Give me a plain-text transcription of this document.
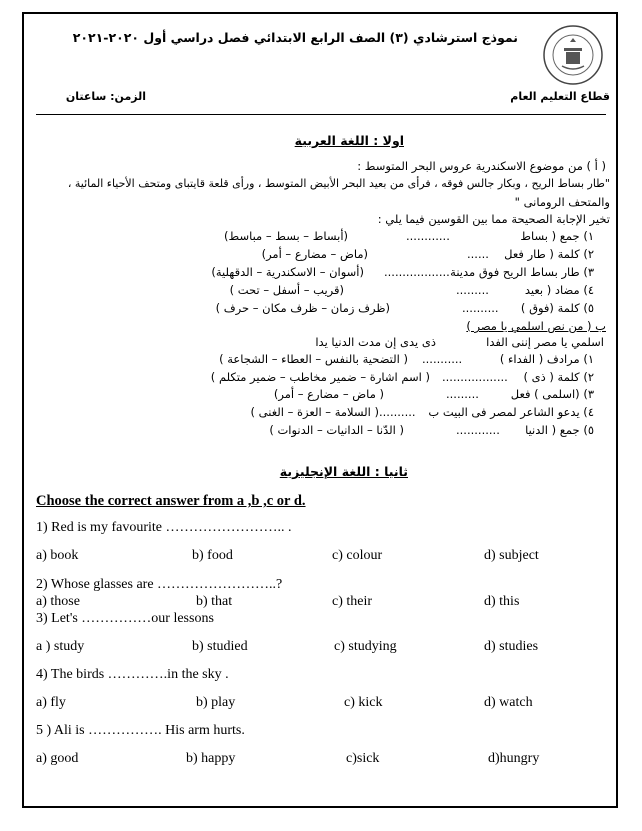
نموذج استرشادي (٣) الصف الرابع الابتدائي فصل دراسي أول ٢٠٢٠-٢٠٢١
قطاع التعليم العام
الزمن: ساعتان
اولا : اللغة العربية
( أ ) من موضوع الاسكندرية عروس البحر المتوسط :
"طار بساط الريح ، وبكار جالس فوقه ، فرأى من بعيد البحر الأبيض المتوسط ، ورأى قلعة قايتباى ومتحف الأحياء المائية ،
والمتحف الرومانى "
تخير الإجابة الصحيحة مما بين القوسين فيما يلي :
١) جمع ( بساط
............
(أبساط – بسط – مباسط)
٢) كلمة ( طار فعل
......
(ماض – مضارع – أمر)
٣) طار بساط الريح فوق مدينة
..................
(أسوان – الاسكندرية – الدقهلية)
٤) مضاد ( بعيد
.........
(قريب – أسفل – تحت )
٥) كلمة (فوق )
..........
(ظرف زمان – ظرف مكان – حرف )
ب ( من نص اسلمي يا مصر )
اسلمي يا مصر إننى الفدا
ذى يدى إن مدت الدنيا يدا
١) مرادف ( الفداء )
...........
( التضحية بالنفس – العطاء – الشجاعة )
٢) كلمة ( ذى )
..................
( اسم اشارة – ضمير مخاطب – ضمير متكلم )
٣) (اسلمى ) فعل
.........
( ماض – مضارع – أمر)
٤) يدعو الشاعر لمصر فى البيت ب
..........
( السلامة – العزة – الغنى )
٥) جمع ( الدنيا
............
( الدّنا – الدانيات – الدنوات )
ثانيا : اللغة الإنجليزية
Choose the correct answer from a ,b ,c or d.
1) Red is my favourite …………………….. .
a) book	b) food	c) colour	d) subject
2) Whose glasses are ……………………..?
a) those	b) that	c) their	d) this
3) Let's ……………our lessons
a ) study	b) studied	c) studying	d) studies
4) The birds ………….in the sky .
a) fly	b) play	c) kick	d) watch
5 ) Ali is ……………. His arm hurts.
a) good	b) happy	c)sick	d)hungry
